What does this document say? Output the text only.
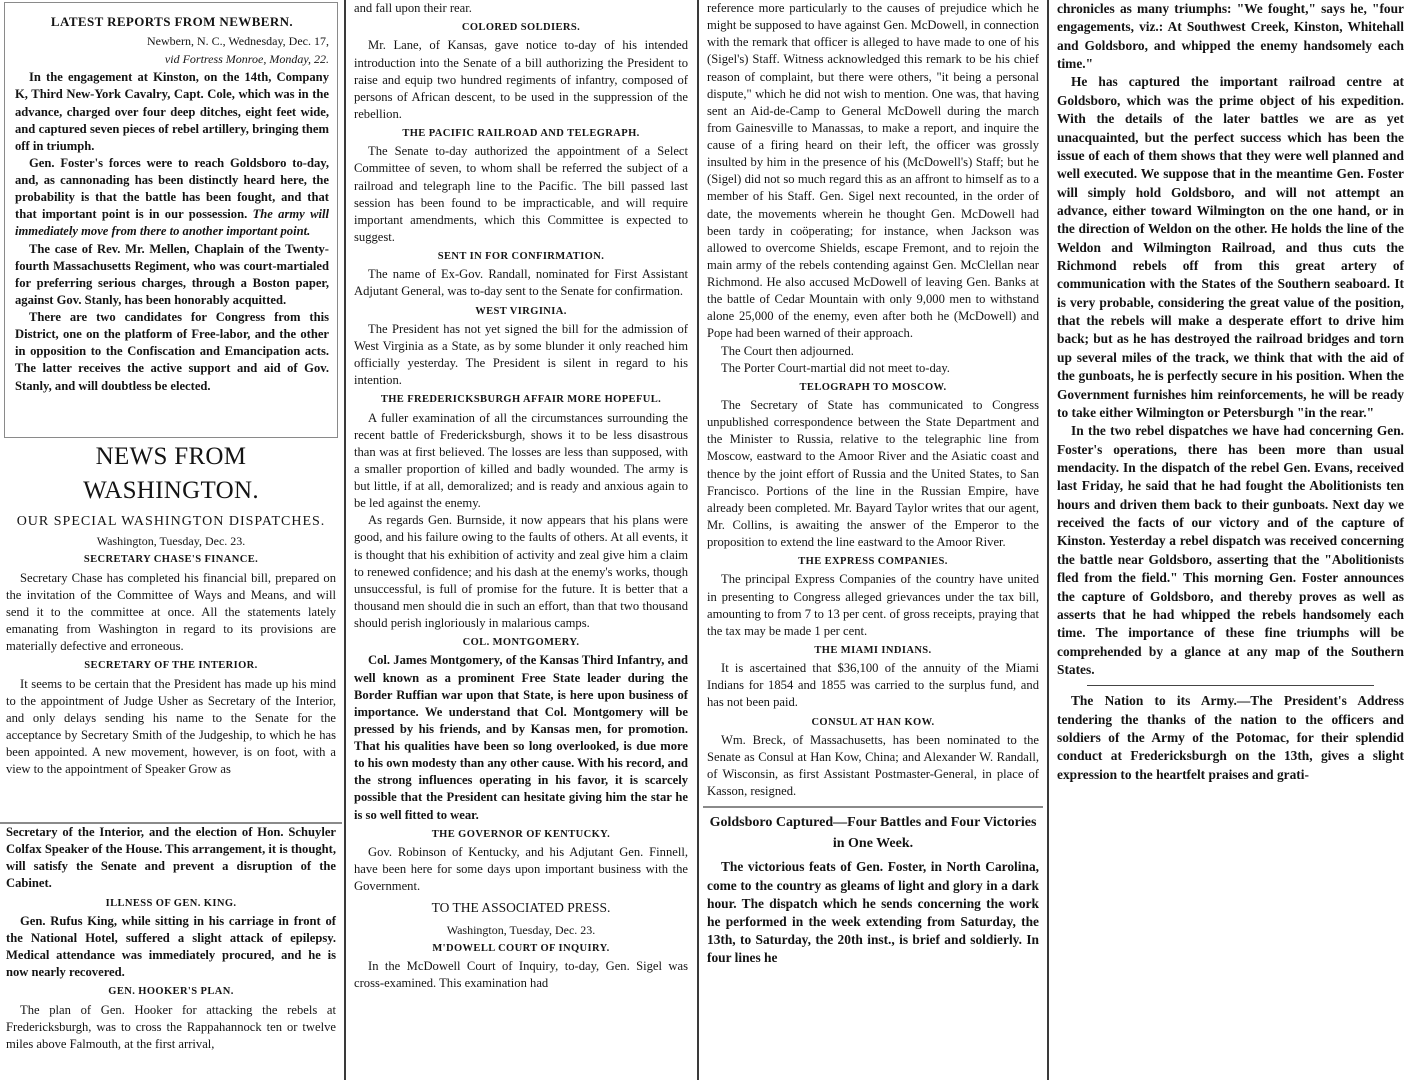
LATEST REPORTS FROM NEWBERN.
Newbern, N. C., Wednesday, Dec. 17,
vid Fortress Monroe, Monday, 22.

In the engagement at Kinston, on the 14th, Company K, Third New-York Cavalry, Capt. Cole, which was in the advance, charged over four deep ditches, eight feet wide, and captured seven pieces of rebel artillery, bringing them off in triumph.

Gen. Foster's forces were to reach Goldsboro to-day, and, as cannonading has been distinctly heard here, the probability is that the battle has been fought, and that that important point is in our possession. The army will immediately move from there to another important point.

The case of Rev. Mr. Mellen, Chaplain of the Twenty-fourth Massachusetts Regiment, who was court-martialed for preferring serious charges, through a Boston paper, against Gov. Stanly, has been honorably acquitted.

There are two candidates for Congress from this District, one on the platform of Free-labor, and the other in opposition to the Confiscation and Emancipation acts. The latter receives the active support and aid of Gov. Stanly, and will doubtless be elected.

NEWS FROM WASHINGTON.
OUR SPECIAL WASHINGTON DISPATCHES.
Washington, Tuesday, Dec. 23.
SECRETARY CHASE'S FINANCE.

Secretary Chase has completed his financial bill, prepared on the invitation of the Committee of Ways and Means, and will send it to the committee at once. All the statements lately emanating from Washington in regard to its provisions are materially defective and erroneous.

SECRETARY OF THE INTERIOR.

It seems to be certain that the President has made up his mind to the appointment of Judge Usher as Secretary of the Interior, and only delays sending his name to the Senate for the acceptance by Secretary Smith of the Judgeship, to which he has been appointed. A new movement, however, is on foot, with a view to the appointment of Speaker Grow as

Secretary of the Interior, and the election of Hon. Schuyler Colfax Speaker of the House. This arrangement, it is thought, will satisfy the Senate and prevent a disruption of the Cabinet.

ILLNESS OF GEN. KING.

Gen. Rufus King, while sitting in his carriage in front of the National Hotel, suffered a slight attack of epilepsy. Medical attendance was immediately procured, and he is now nearly recovered.

GEN. HOOKER'S PLAN.

The plan of Gen. Hooker for attacking the rebels at Fredericksburgh, was to cross the Rappahannock ten or twelve miles above Falmouth, at the first arrival,

and fall upon their rear.

COLORED SOLDIERS.

Mr. Lane, of Kansas, gave notice to-day of his intended introduction into the Senate of a bill authorizing the President to raise and equip two hundred regiments of infantry, composed of persons of African descent, to be used in the suppression of the rebellion.

THE PACIFIC RAILROAD AND TELEGRAPH.

The Senate to-day authorized the appointment of a Select Committee of seven, to whom shall be referred the subject of a railroad and telegraph line to the Pacific. The bill passed last session has been found to be impracticable, and will require important amendments, which this Committee is expected to suggest.

SENT IN FOR CONFIRMATION.

The name of Ex-Gov. Randall, nominated for First Assistant Adjutant General, was to-day sent to the Senate for confirmation.

WEST VIRGINIA.

The President has not yet signed the bill for the admission of West Virginia as a State, as by some blunder it only reached him officially yesterday. The President is silent in regard to his intention.

THE FREDERICKSBURGH AFFAIR MORE HOPEFUL.

A fuller examination of all the circumstances surrounding the recent battle of Fredericksburgh, shows it to be less disastrous than was at first believed. The losses are less than supposed, with a smaller proportion of killed and badly wounded. The army is but little, if at all, demoralized; and is ready and anxious again to be led against the enemy.

As regards Gen. Burnside, it now appears that his plans were good, and his failure owing to the faults of others. At all events, it is thought that his exhibition of activity and zeal give him a claim to renewed confidence; and his dash at the enemy's works, though unsuccessful, is full of promise for the future. It is better that a thousand men should die in such an effort, than that two thousand should perish ingloriously in malarious camps.

COL. MONTGOMERY.

Col. James Montgomery, of the Kansas Third Infantry, and well known as a prominent Free State leader during the Border Ruffian war upon that State, is here upon business of importance. We understand that Col. Montgomery will be pressed by his friends, and by Kansas men, for promotion. That his qualities have been so long overlooked, is due more to his own modesty than any other cause. With his record, and the strong influences operating in his favor, it is scarcely possible that the President can hesitate giving him the star he is so well fitted to wear.

THE GOVERNOR OF KENTUCKY.

Gov. Robinson of Kentucky, and his Adjutant Gen. Finnell, have been here for some days upon important business with the Government.

TO THE ASSOCIATED PRESS.
Washington, Tuesday, Dec. 23.
M'DOWELL COURT OF INQUIRY.

In the McDowell Court of Inquiry, to-day, Gen. Sigel was cross-examined. This examination had

reference more particularly to the causes of prejudice which he might be supposed to have against Gen. McDowell, in connection with the remark that officer is alleged to have made to one of his (Sigel's) Staff. Witness acknowledged this remark to be his chief reason of complaint, but there were others, "it being a personal dispute," which he did not wish to mention. One was, that having sent an Aid-de-Camp to General McDowell during the march from Gainesville to Manassas, to make a report, and inquire the cause of a firing heard on their left, the officer was grossly insulted by him in the presence of his (McDowell's) Staff; but he (Sigel) did not so much regard this as an affront to himself as to a member of his Staff. Gen. Sigel next recounted, in the order of date, the movements wherein he thought Gen. McDowell had been tardy in coöperating; for instance, when Jackson was allowed to overcome Shields, escape Fremont, and to rejoin the main army of the rebels contending against Gen. McClellan near Richmond. He also accused McDowell of leaving Gen. Banks at the battle of Cedar Mountain with only 9,000 men to withstand alone 25,000 of the enemy, even after both he (McDowell) and Pope had been warned of their approach.

The Court then adjourned.

The Porter Court-martial did not meet to-day.

TELOGRAPH TO MOSCOW.

The Secretary of State has communicated to Congress unpublished correspondence between the State Department and the Minister to Russia, relative to the telegraphic line from Moscow, eastward to the Amoor River and the Asiatic coast and thence by the joint effort of Russia and the United States, to San Francisco. Portions of the line in the Russian Empire, have already been completed. Mr. Bayard Taylor writes that our agent, Mr. Collins, is awaiting the answer of the Emperor to the proposition to extend the line eastward to the Amoor River.

THE EXPRESS COMPANIES.

The principal Express Companies of the country have united in presenting to Congress alleged grievances under the tax bill, amounting to from 7 to 13 per cent. of gross receipts, praying that the tax may be made 1 per cent.

THE MIAMI INDIANS.

It is ascertained that $36,100 of the annuity of the Miami Indians for 1854 and 1855 was carried to the surplus fund, and has not been paid.

CONSUL AT HAN KOW.

Wm. Breck, of Massachusetts, has been nominated to the Senate as Consul at Han Kow, China; and Alexander W. Randall, of Wisconsin, as first Assistant Postmaster-General, in place of Kasson, resigned.

Goldsboro Captured—Four Battles and Four Victories in One Week.

The victorious feats of Gen. Foster, in North Carolina, come to the country as gleams of light and glory in a dark hour. The dispatch which he sends concerning the work he performed in the week extending from Saturday, the 13th, to Saturday, the 20th inst., is brief and soldierly. In four lines he

chronicles as many triumphs: "We fought," says he, "four engagements, viz.: At Southwest Creek, Kinston, Whitehall and Goldsboro, and whipped the enemy handsomely each time."

He has captured the important railroad centre at Goldsboro, which was the prime object of his expedition. With the details of the later battles we are as yet unacquainted, but the perfect success which has been the issue of each of them shows that they were well planned and well executed. We suppose that in the meantime Gen. Foster will simply hold Goldsboro, and will not attempt an advance, either toward Wilmington on the one hand, or in the direction of Weldon on the other. He holds the line of the Weldon and Wilmington Railroad, and thus cuts the Richmond rebels off from this great artery of communication with the States of the Southern seaboard. It is very probable, considering the great value of the position, that the rebels will make a desperate effort to drive him back; but as he has destroyed the railroad bridges and torn up several miles of the track, we think that with the aid of the gunboats, he is perfectly secure in his position. When the Government furnishes him reinforcements, he will be ready to take either Wilmington or Petersburgh "in the rear."

In the two rebel dispatches we have had concerning Gen. Foster's operations, there has been more than usual mendacity. In the dispatch of the rebel Gen. Evans, received last Friday, he said that he had fought the Abolitionists ten hours and driven them back to their gunboats. Next day we received the facts of our victory and of the capture of Kinston. Yesterday a rebel dispatch was received concerning the battle near Goldsboro, asserting that the "Abolitionists fled from the field." This morning Gen. Foster announces the capture of Goldsboro, and thereby proves as well as asserts that he had whipped the rebels handsomely each time. The importance of these fine triumphs will be comprehended by a glance at any map of the Southern States.

The Nation to its Army.—The President's Address tendering the thanks of the nation to the officers and soldiers of the Army of the Potomac, for their splendid conduct at Fredericksburgh on the 13th, gives a slight expression to the heartfelt praises and grati-
